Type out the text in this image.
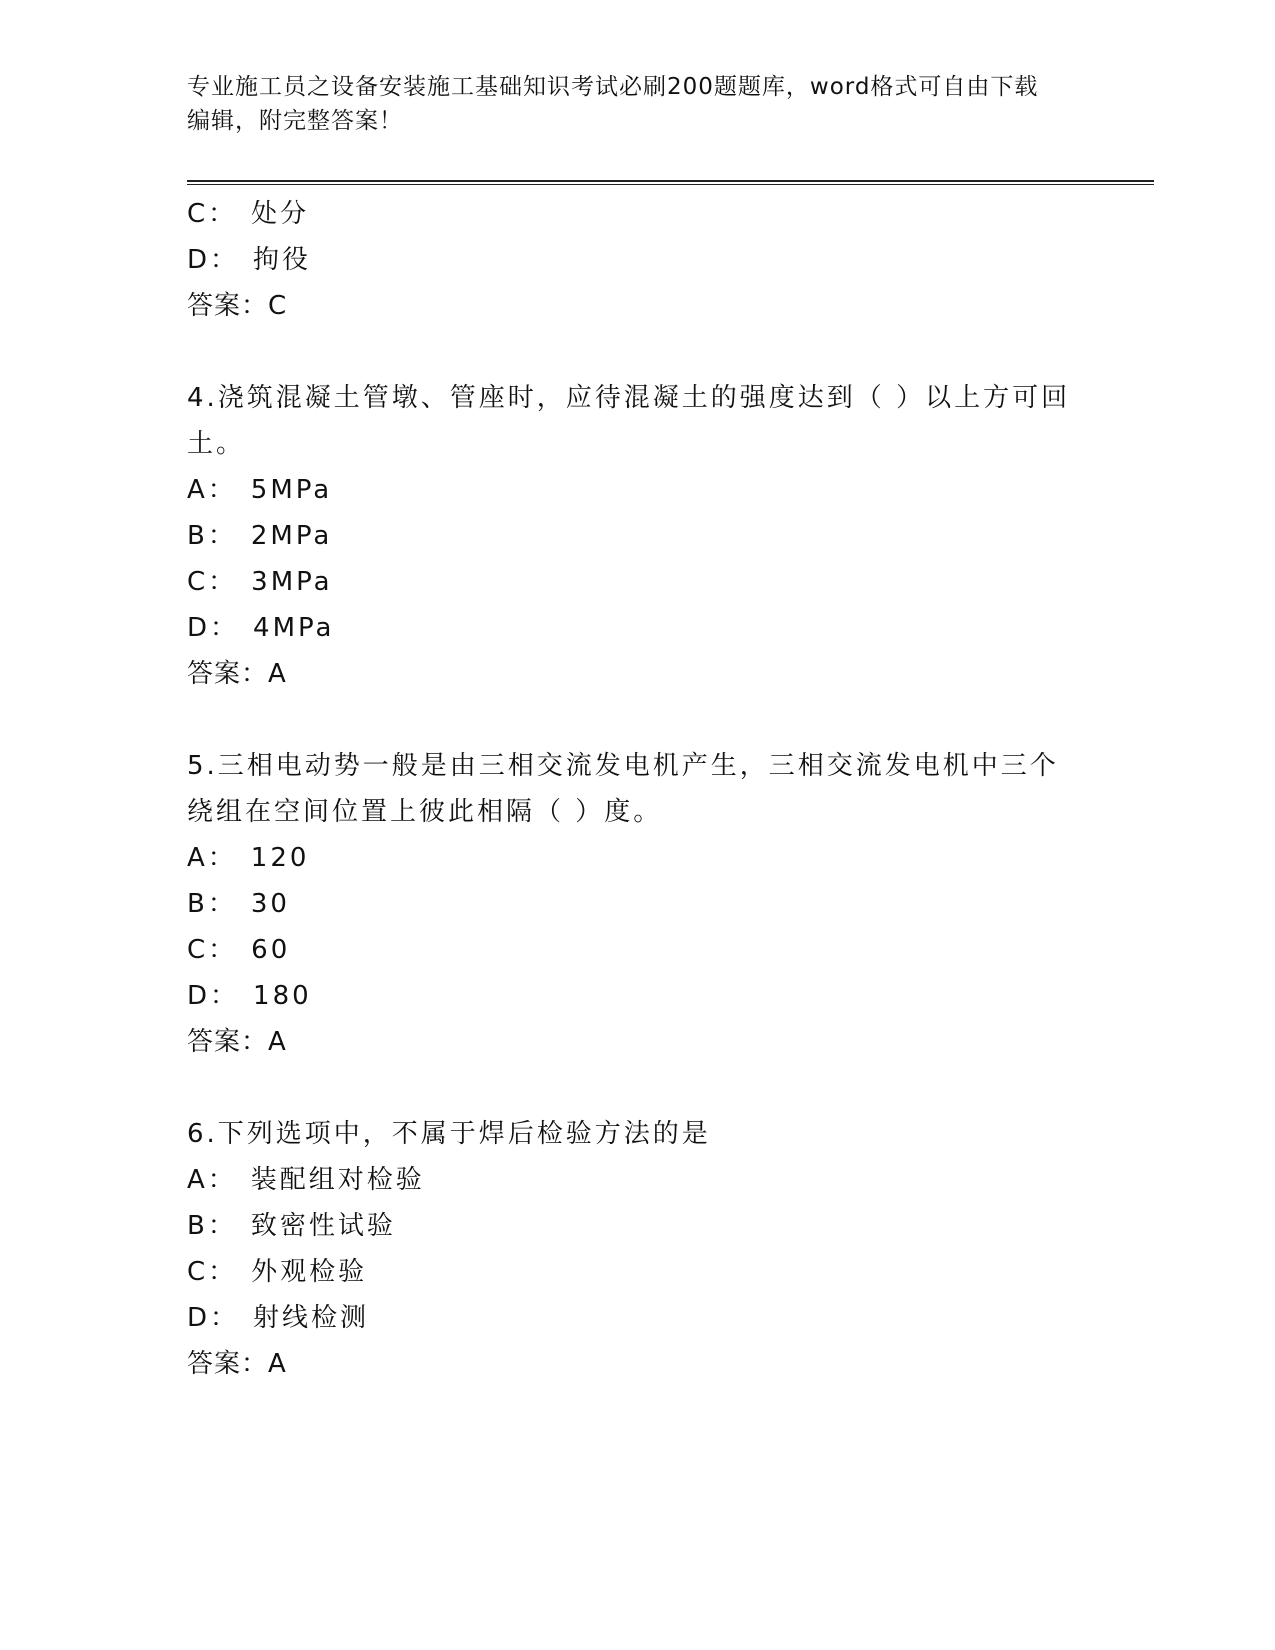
专业施工员之设备安装施工基础知识考试必刷200题题库，word格式可自由下载
编辑，附完整答案！
C： 处分
D： 拘役
答案：C
4.浇筑混凝土管墩、管座时，应待混凝土的强度达到（ ）以上方可回土。
A： 5MPa
B： 2MPa
C： 3MPa
D： 4MPa
答案：A
5.三相电动势一般是由三相交流发电机产生，三相交流发电机中三个绕组在空间位置上彼此相隔（ ）度。
A： 120
B： 30
C： 60
D： 180
答案：A
6.下列选项中，不属于焊后检验方法的是
A： 装配组对检验
B： 致密性试验
C： 外观检验
D： 射线检测
答案：A
